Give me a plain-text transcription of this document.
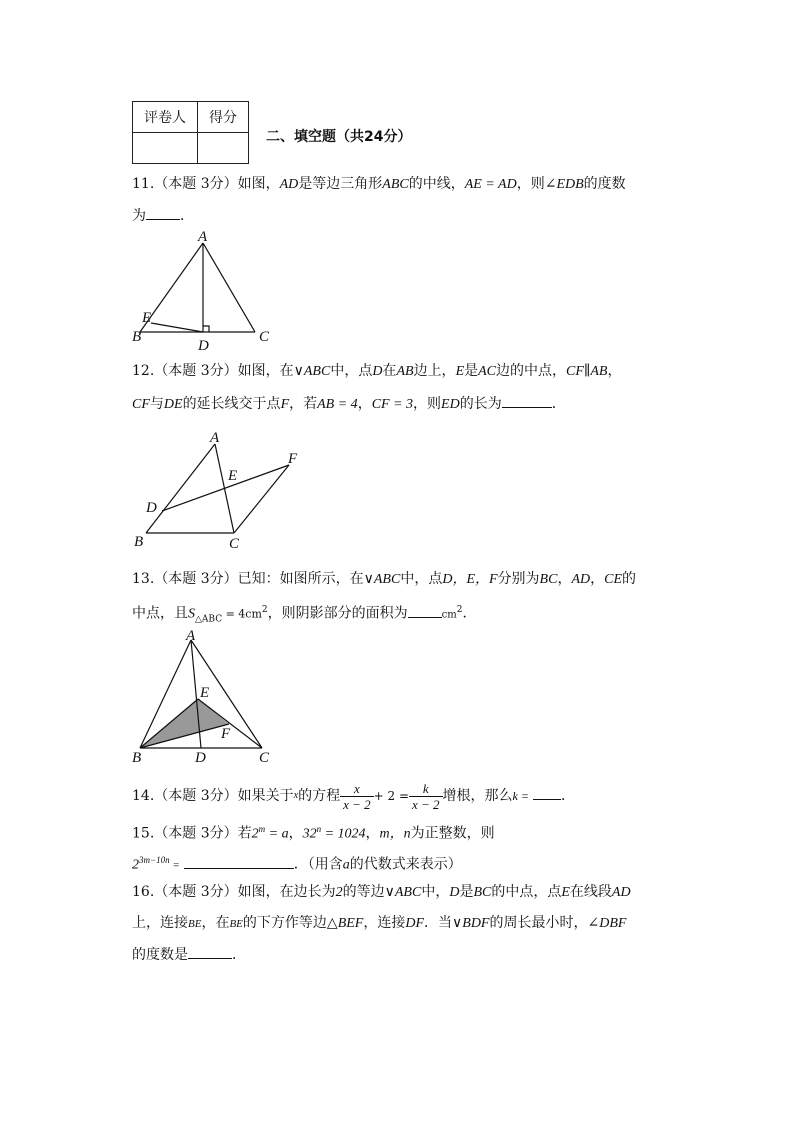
评卷人	得分

二、填空题（共24分）
11.（本题 3分）如图，AD是等边三角形ABC的中线，AE = AD，则∠EDB的度数
为 ．
A
B	C
D
E
12.（本题 3分）如图，在∨ABC中，点D在AB边上，E是AC边的中点，CF∥AB，
CF与DE的延长线交于点F，若AB = 4，CF = 3，则ED的长为	．
A
B	C
D
E
F
13.（本题 3分）已知：如图所示，在∨ABC中，点D，E，F分别为BC，AD，CE的
中点，且$S_{\triangle ABC} = 4cm^2$，则阴影部分的面积为	$cm^2$．
A
B	C
D
E
F
14.（本题 3分）如果关于$^x$的方程 $\frac{x}{x - 2} + 2 = \frac{k}{x - 2}$ 增根，那么k = ．
15.（本题 3分）若$2^m = a$，$32^n = 1024$，m，n为正整数，则
$2^{3m-10n}$ =	．（用含a的代数式来表示）
16.（本题 3分）如图，在边长为2的等边∨ABC中，D是BC的中点，点E在线段AD
上，连接BE，在BE的下方作等边△BEF，连接DF．当∨BDF的周长最小时，∠DBF
的度数是	．
